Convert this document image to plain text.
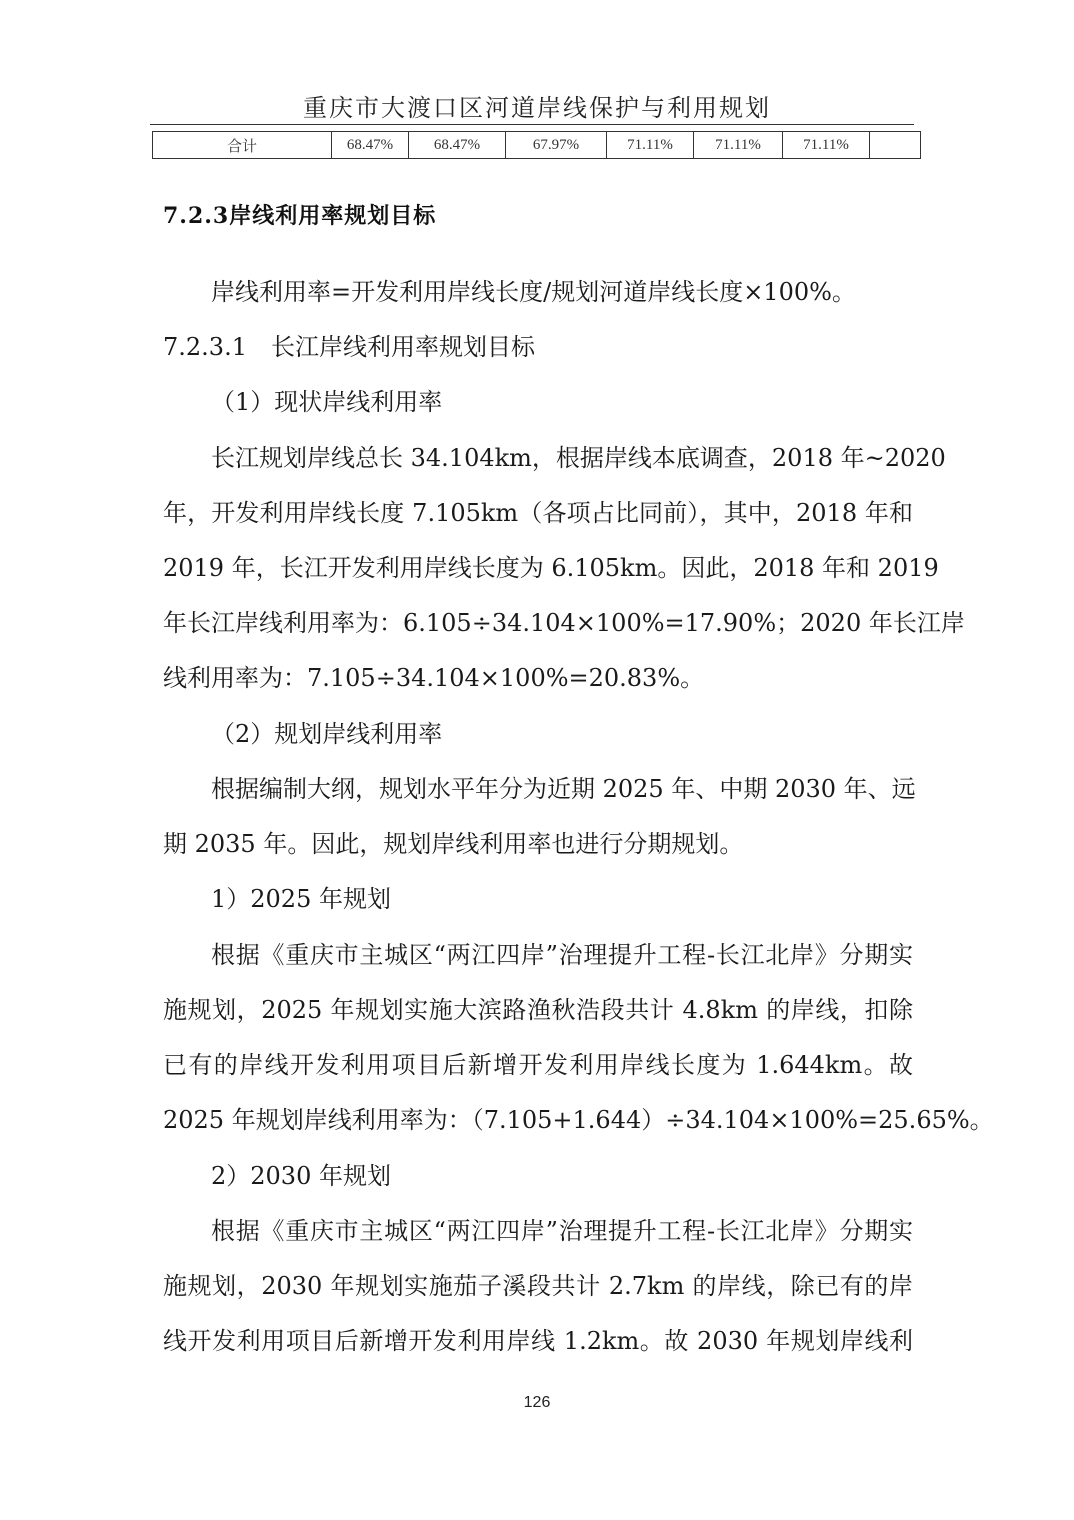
重庆市大渡口区河道岸线保护与利用规划
合计	68.47%	68.47%	67.97%	71.11%	71.11%	71.11%	
7.2.3岸线利用率规划目标
岸线利用率=开发利用岸线长度/规划河道岸线长度×100%。
7.2.3.1　长江岸线利用率规划目标
（1）现状岸线利用率
长江规划岸线总长 34.104km，根据岸线本底调查，2018 年~2020
年，开发利用岸线长度 7.105km（各项占比同前），其中，2018 年和
2019 年，长江开发利用岸线长度为 6.105km。因此，2018 年和 2019
年长江岸线利用率为：6.105÷34.104×100%=17.90%；2020 年长江岸
线利用率为：7.105÷34.104×100%=20.83%。
（2）规划岸线利用率
根据编制大纲，规划水平年分为近期 2025 年、中期 2030 年、远
期 2035 年。因此，规划岸线利用率也进行分期规划。
1）2025 年规划
根据《重庆市主城区“两江四岸”治理提升工程-长江北岸》分期实
施规划，2025 年规划实施大滨路渔秋浩段共计 4.8km 的岸线，扣除
已有的岸线开发利用项目后新增开发利用岸线长度为 1.644km。故
2025 年规划岸线利用率为：（7.105+1.644）÷34.104×100%=25.65%。
2）2030 年规划
根据《重庆市主城区“两江四岸”治理提升工程-长江北岸》分期实
施规划，2030 年规划实施茄子溪段共计 2.7km 的岸线，除已有的岸
线开发利用项目后新增开发利用岸线 1.2km。故 2030 年规划岸线利
126
